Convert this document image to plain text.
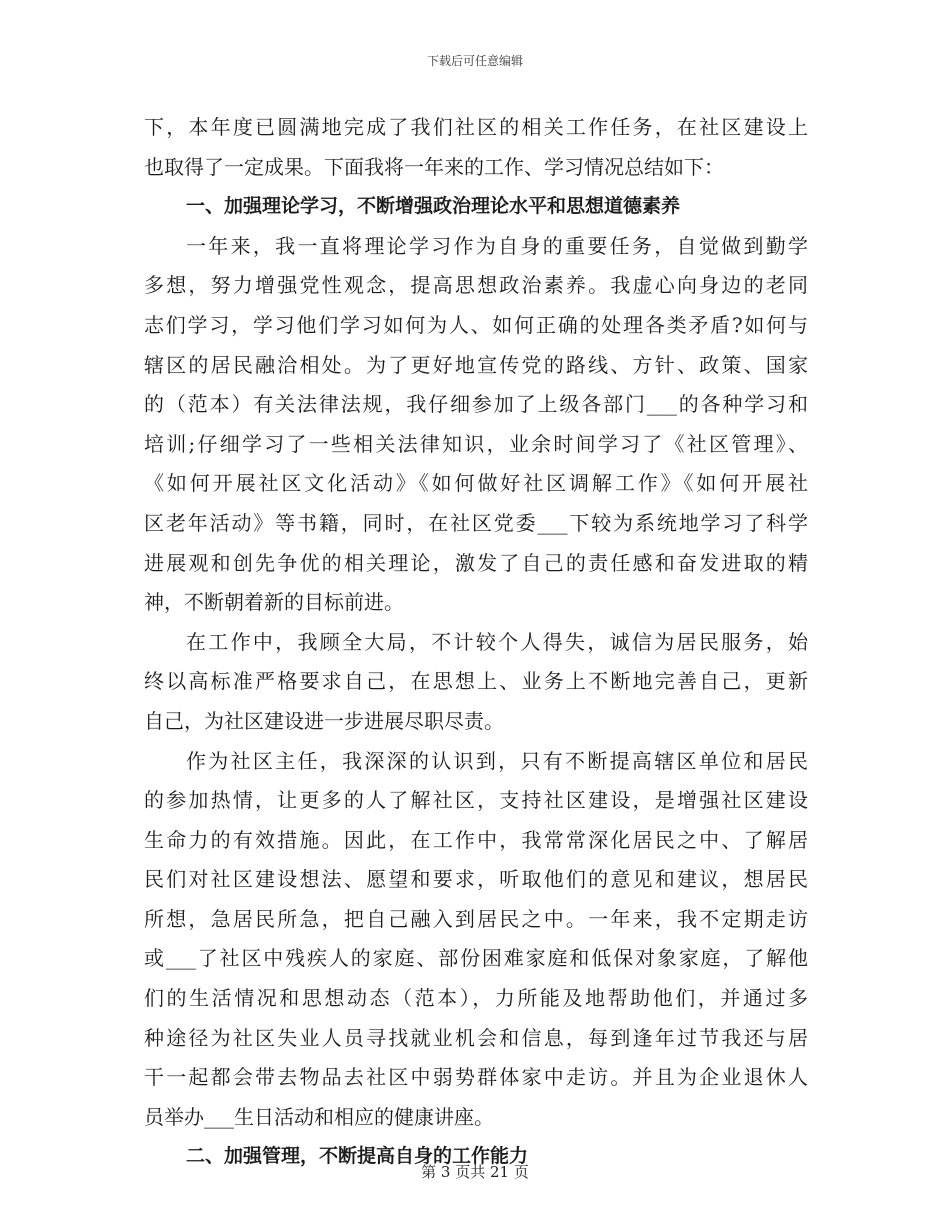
下载后可任意编辑
下，本年度已圆满地完成了我们社区的相关工作任务，在社区建设上
也取得了一定成果。下面我将一年来的工作、学习情况总结如下：
一、加强理论学习，不断增强政治理论水平和思想道德素养
一年来，我一直将理论学习作为自身的重要任务，自觉做到勤学
多想，努力增强党性观念，提高思想政治素养。我虚心向身边的老同
志们学习，学习他们学习如何为人、如何正确的处理各类矛盾?如何与
辖区的居民融洽相处。为了更好地宣传党的路线、方针、政策、国家
的（范本）有关法律法规，我仔细参加了上级各部门___的各种学习和
培训;仔细学习了一些相关法律知识，业余时间学习了《社区管理》、
《如何开展社区文化活动》《如何做好社区调解工作》《如何开展社
区老年活动》等书籍，同时，在社区党委___下较为系统地学习了科学
进展观和创先争优的相关理论，激发了自己的责任感和奋发进取的精
神，不断朝着新的目标前进。
在工作中，我顾全大局，不计较个人得失，诚信为居民服务，始
终以高标准严格要求自己，在思想上、业务上不断地完善自己，更新
自己，为社区建设进一步进展尽职尽责。
作为社区主任，我深深的认识到，只有不断提高辖区单位和居民
的参加热情，让更多的人了解社区，支持社区建设，是增强社区建设
生命力的有效措施。因此，在工作中，我常常深化居民之中、了解居
民们对社区建设想法、愿望和要求，听取他们的意见和建议，想居民
所想，急居民所急，把自己融入到居民之中。一年来，我不定期走访
或___了社区中残疾人的家庭、部份困难家庭和低保对象家庭，了解他
们的生活情况和思想动态（范本），力所能及地帮助他们，并通过多
种途径为社区失业人员寻找就业机会和信息，每到逢年过节我还与居
干一起都会带去物品去社区中弱势群体家中走访。并且为企业退休人
员举办___生日活动和相应的健康讲座。
二、加强管理，不断提高自身的工作能力
第 3 页共 21 页
